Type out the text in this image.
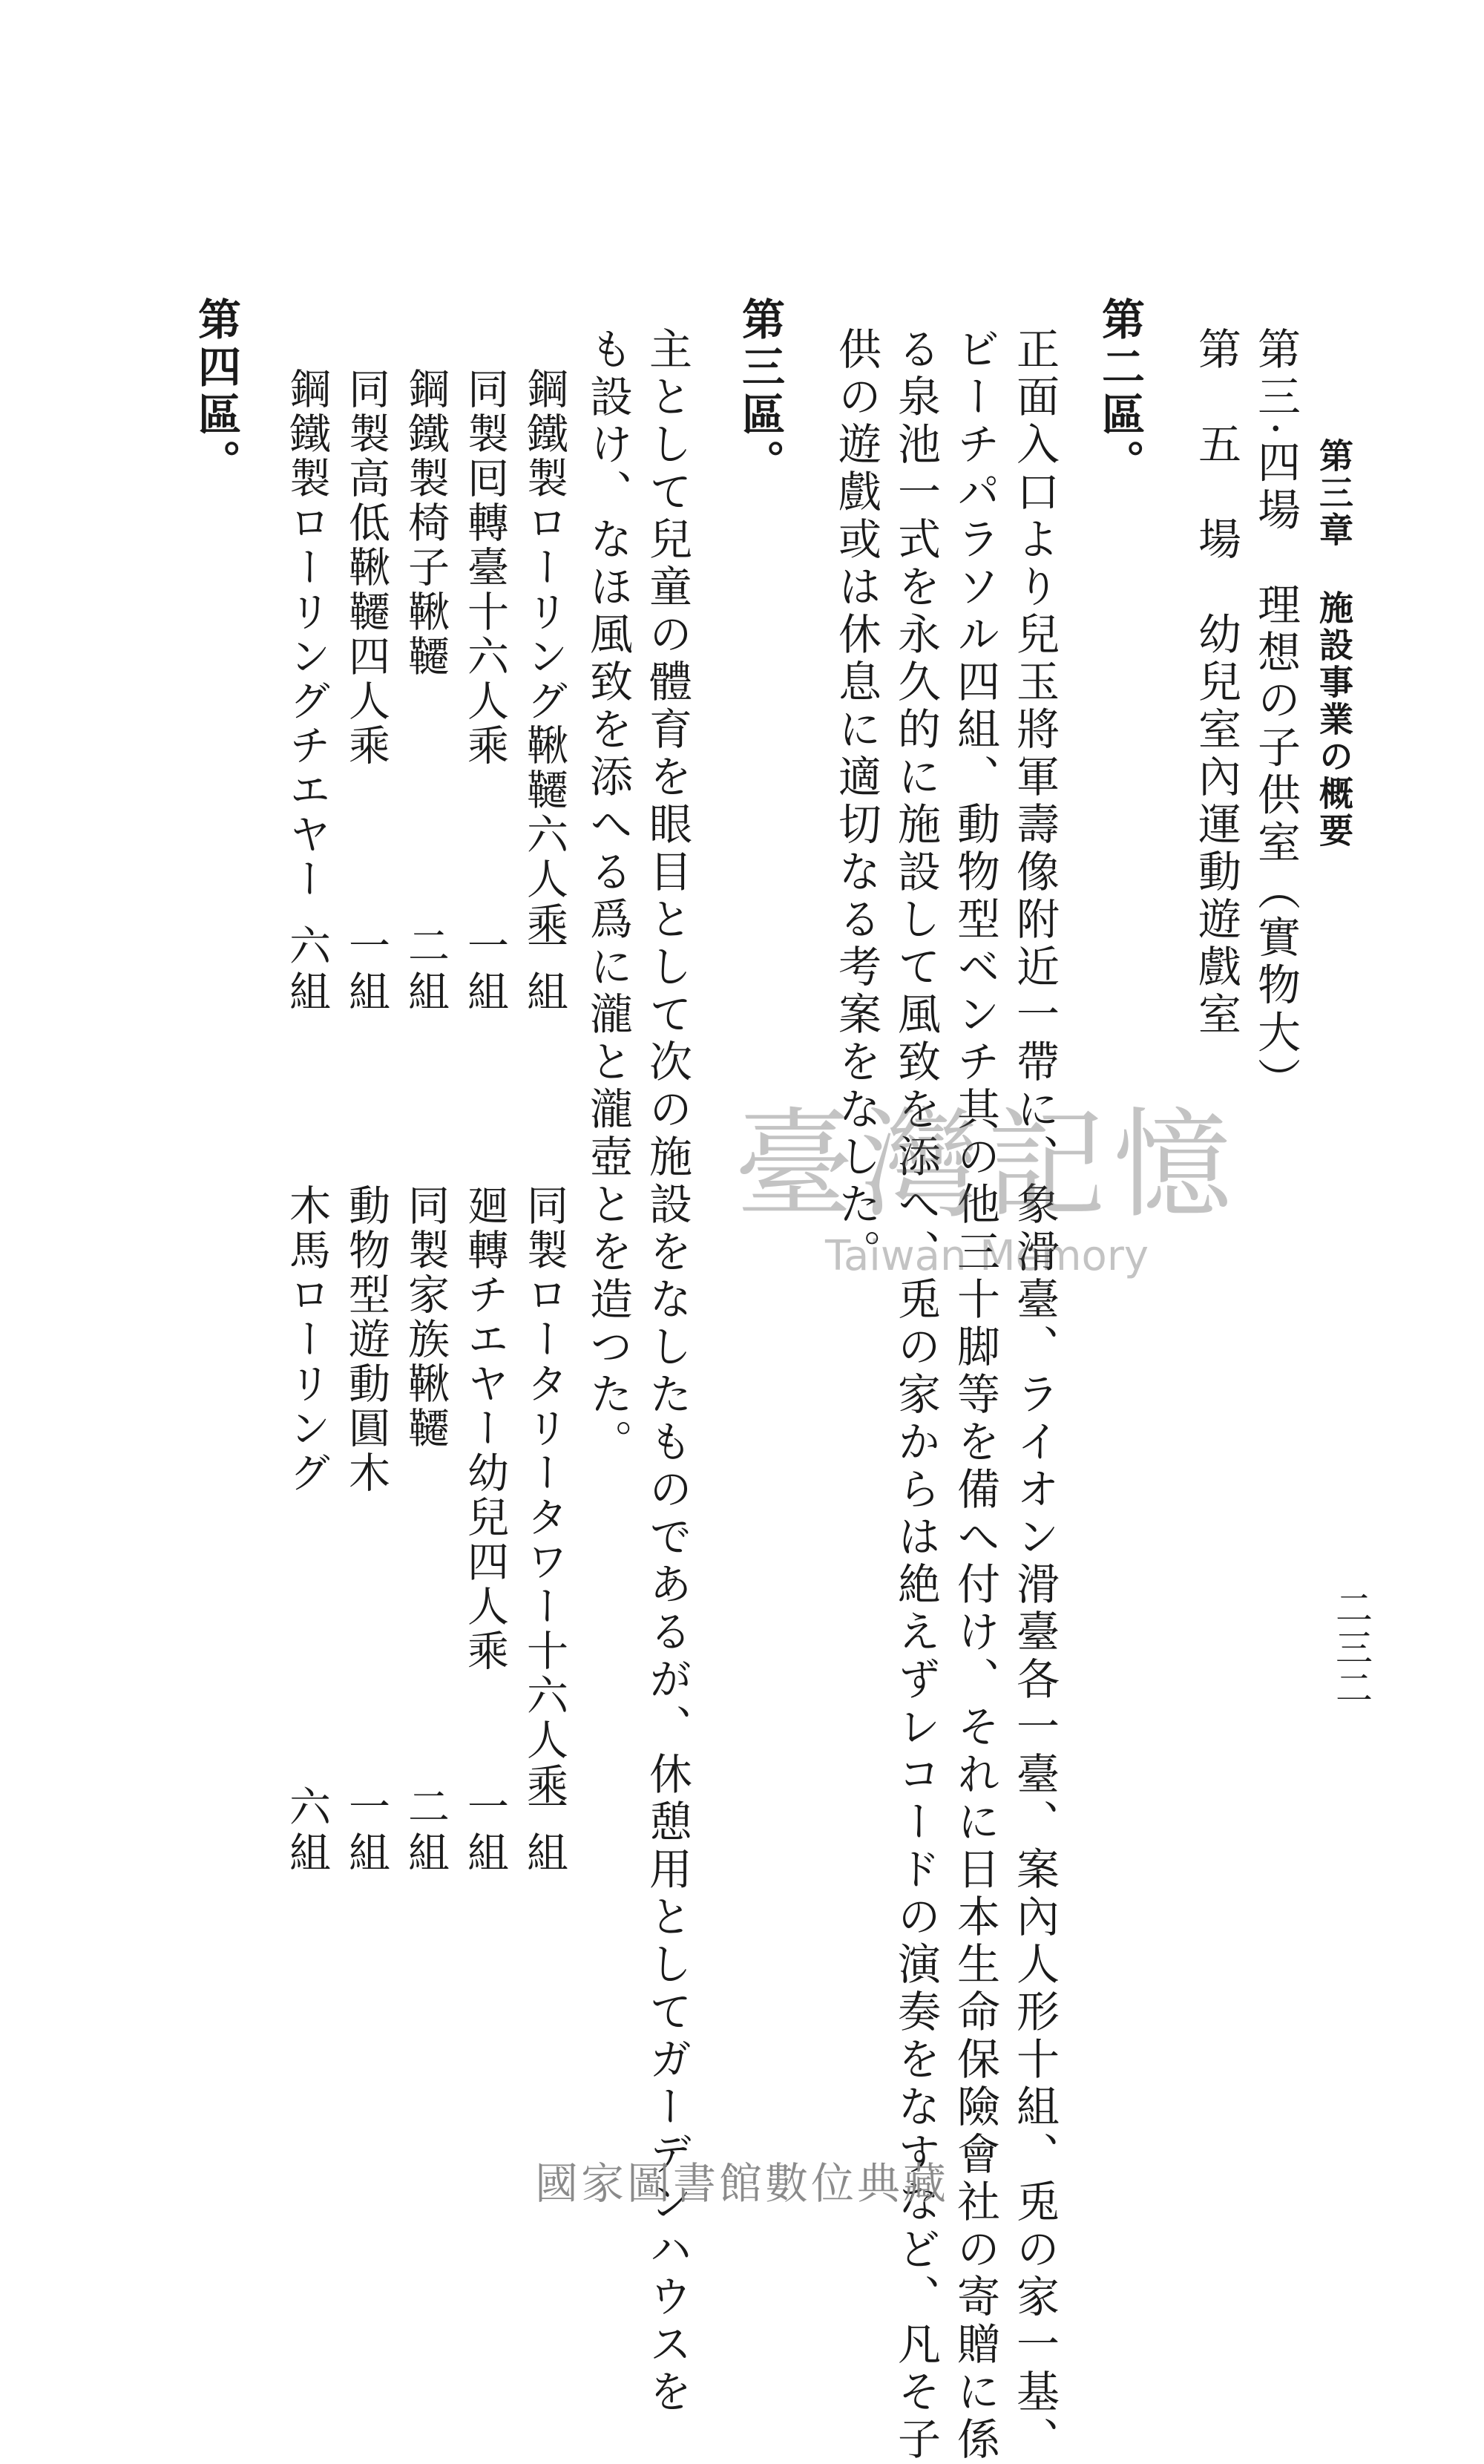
第三章
施設事業の概要
二三二
第三·四場　理想の子供室（實物大）
第　五　場　幼兒室內運動遊戲室
第二區。
正面入口より兒玉將軍壽像附近一帶に、象滑臺、ライオン滑臺各一臺、案內人形十組、兎の家一基、
ビーチパラソル四組、動物型ベンチ其の他三十脚等を備へ付け、それに日本生命保險會社の寄贈に係
る泉池一式を永久的に施設して風致を添へ、兎の家からは絶えずレコードの演奏をなすなど、凡そ子
供の遊戲或は休息に適切なる考案をなした。
第三區。
主として兒童の體育を眼目として次の施設をなしたものであるが、休憩用としてガーデンハウスを
も設け、なほ風致を添へる爲に瀧と瀧壺とを造つた。
鋼鐵製ローリング鞦韆六人乘
一組
同製ロータリータワー十六人乘
一組
同製囘轉臺十六人乘
一組
廻轉チエヤー幼兒四人乘
一組
鋼鐵製椅子鞦韆
二組
同製家族鞦韆
二組
同製高低鞦韆四人乘
一組
動物型遊動圓木
一組
鋼鐵製ローリングチエヤー
六組
木馬ローリング
六組
第四區。
臺灣記憶
Taiwan Memory
國家圖書館數位典藏
